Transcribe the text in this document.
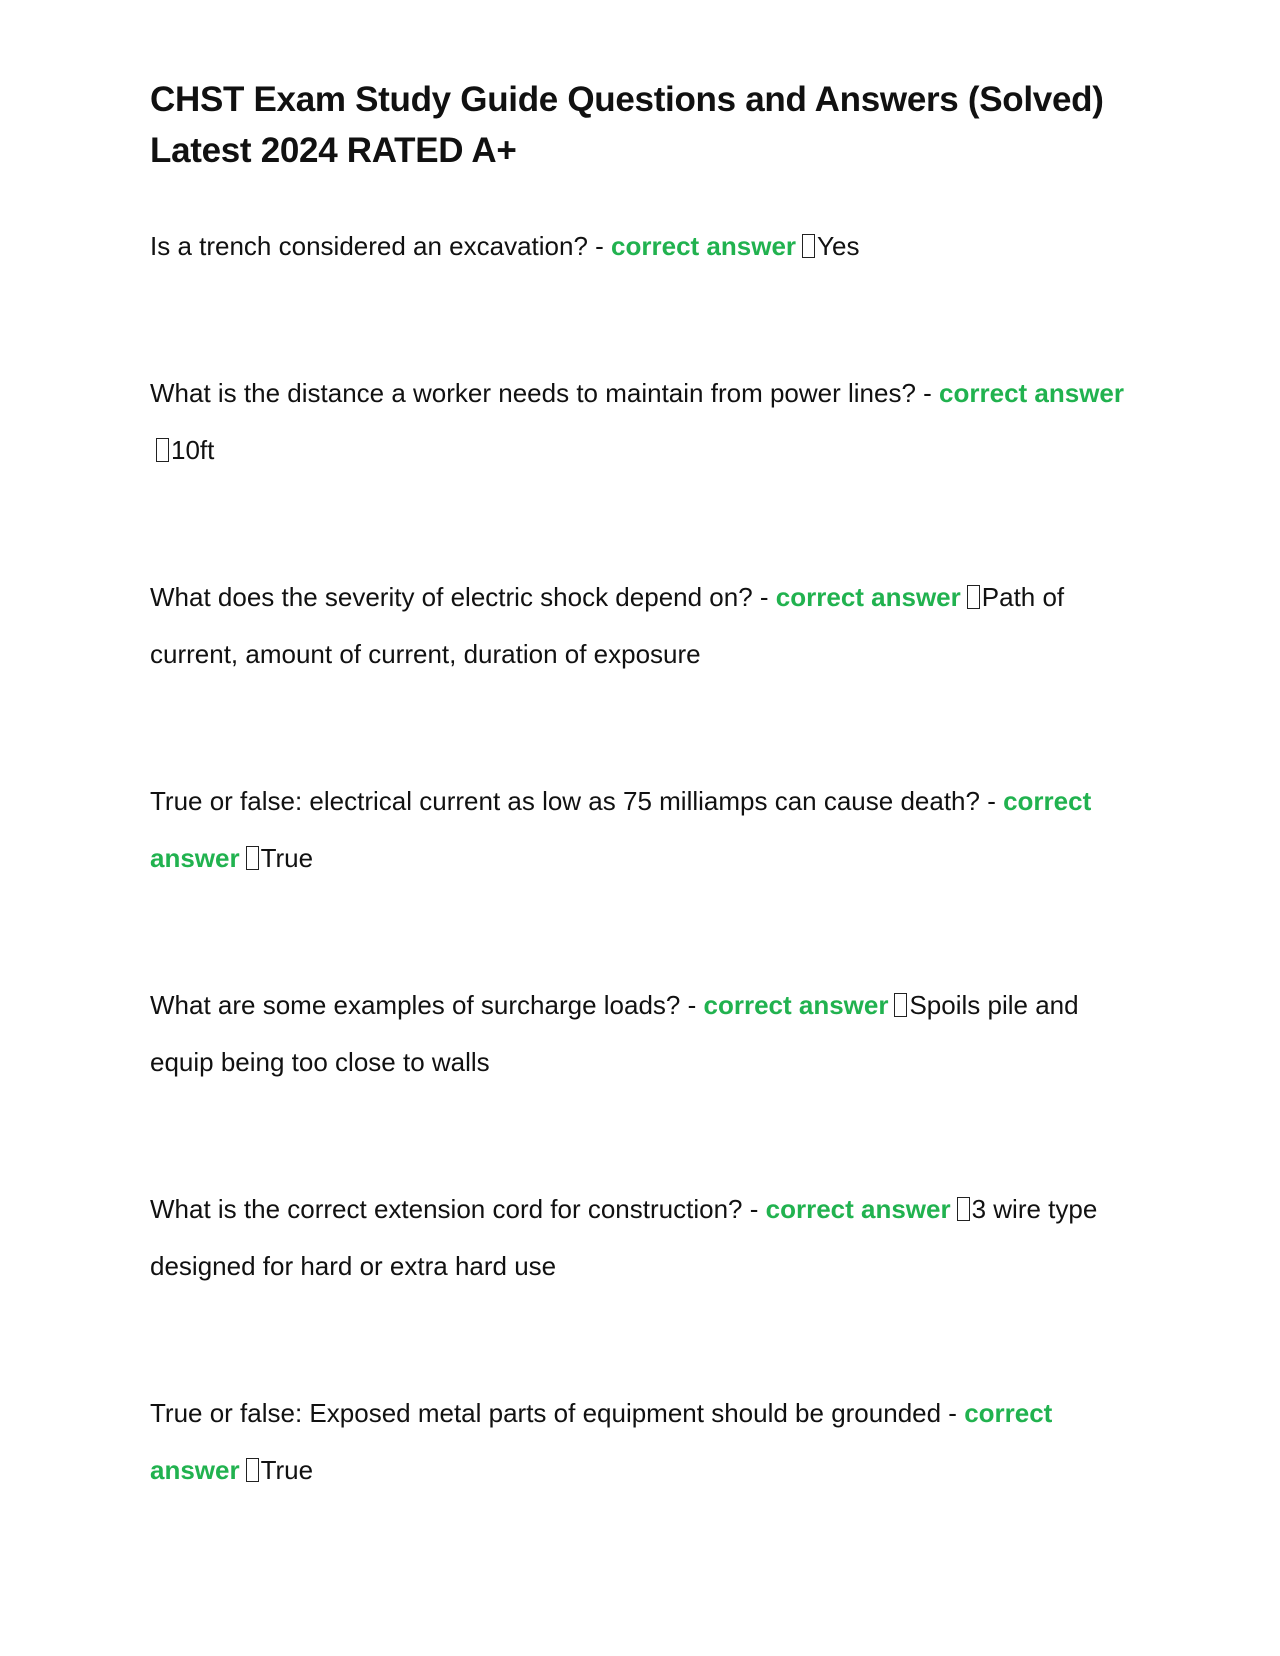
CHST Exam Study Guide Questions and Answers (Solved) Latest 2024 RATED A+
Is a trench considered an excavation? - correct answer Yes
What is the distance a worker needs to maintain from power lines? - correct answer10ft
What does the severity of electric shock depend on? - correct answer Path of current, amount of current, duration of exposure
True or false: electrical current as low as 75 milliamps can cause death? - correct answer True
What are some examples of surcharge loads? - correct answer Spoils pile and equip being too close to walls
What is the correct extension cord for construction? - correct answer 3 wire type designed for hard or extra hard use
True or false: Exposed metal parts of equipment should be grounded - correct answer True
